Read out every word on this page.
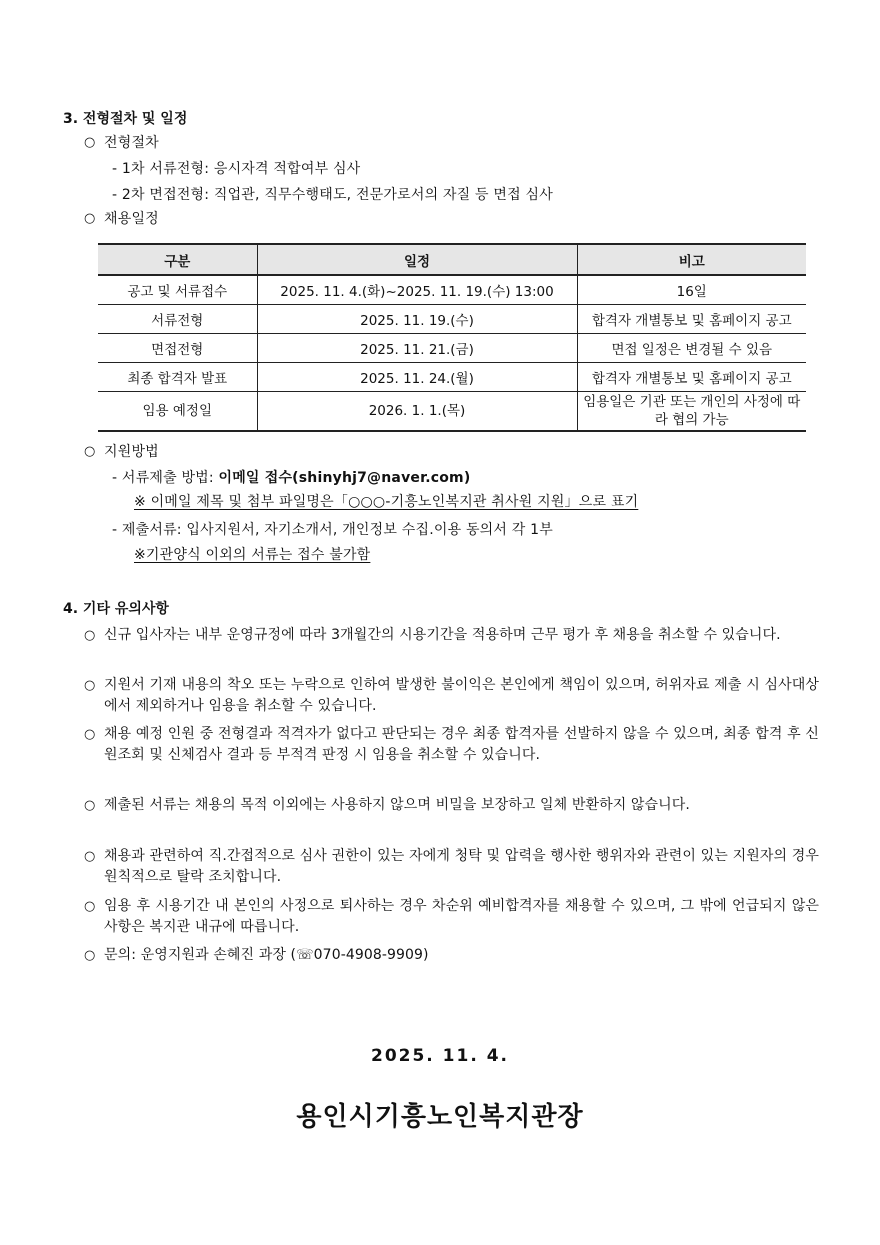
3. 전형절차 및 일정
○ 전형절차
- 1차 서류전형: 응시자격 적합여부 심사
- 2차 면접전형: 직업관, 직무수행태도, 전문가로서의 자질 등 면접 심사
○ 채용일정
구분	일정	비고
공고 및 서류접수	2025. 11. 4.(화)~2025. 11. 19.(수) 13:00	16일
서류전형	2025. 11. 19.(수)	합격자 개별통보 및 홈페이지 공고
면접전형	2025. 11. 21.(금)	면접 일정은 변경될 수 있음
최종 합격자 발표	2025. 11. 24.(월)	합격자 개별통보 및 홈페이지 공고
임용 예정일	2026. 1. 1.(목)	임용일은 기관 또는 개인의 사정에 따라 협의 가능
○ 지원방법
- 서류제출 방법: 이메일 접수(shinyhj7@naver.com)
※ 이메일 제목 및 첨부 파일명은「○○○-기흥노인복지관 취사원 지원」으로 표기
- 제출서류: 입사지원서, 자기소개서, 개인정보 수집.이용 동의서 각 1부
※기관양식 이외의 서류는 접수 불가함
4. 기타 유의사항
○ 신규 입사자는 내부 운영규정에 따라 3개월간의 시용기간을 적용하며 근무 평가 후 채용을 취소할 수 있습니다.
○ 지원서 기재 내용의 착오 또는 누락으로 인하여 발생한 불이익은 본인에게 책임이 있으며, 허위자료 제출 시 심사대상에서 제외하거나 임용을 취소할 수 있습니다.
○ 채용 예정 인원 중 전형결과 적격자가 없다고 판단되는 경우 최종 합격자를 선발하지 않을 수 있으며, 최종 합격 후 신원조회 및 신체검사 결과 등 부적격 판정 시 임용을 취소할 수 있습니다.
○ 제출된 서류는 채용의 목적 이외에는 사용하지 않으며 비밀을 보장하고 일체 반환하지 않습니다.
○ 채용과 관련하여 직.간접적으로 심사 권한이 있는 자에게 청탁 및 압력을 행사한 행위자와 관련이 있는 지원자의 경우 원칙적으로 탈락 조치합니다.
○ 임용 후 시용기간 내 본인의 사정으로 퇴사하는 경우 차순위 예비합격자를 채용할 수 있으며, 그 밖에 언급되지 않은 사항은 복지관 내규에 따릅니다.
○ 문의: 운영지원과 손혜진 과장 (☏070-4908-9909)
2025. 11. 4.
용인시기흥노인복지관장
